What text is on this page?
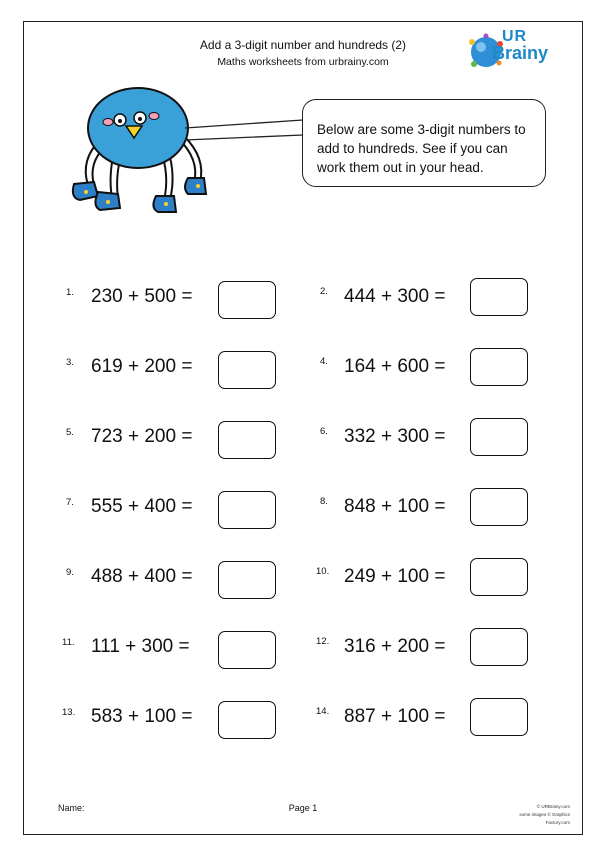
Add a 3-digit number and hundreds (2)
Maths worksheets from urbrainy.com
UR
Brainy
Below are some 3-digit numbers to add to hundreds. See if you can work them out in your head.
1. 230 + 500 =
3. 619 + 200 =
5. 723 + 200 =
7. 555 + 400 =
9. 488 + 400 =
11. 111 + 300 =
13. 583 + 100 =
2. 444 + 300 =
4. 164 + 600 =
6. 332 + 300 =
8. 848 + 100 =
10. 249 + 100 =
12. 316 + 200 =
14. 887 + 100 =
Name:	Page 1	© URBrainy.com
some images © Graphics Factory.com
